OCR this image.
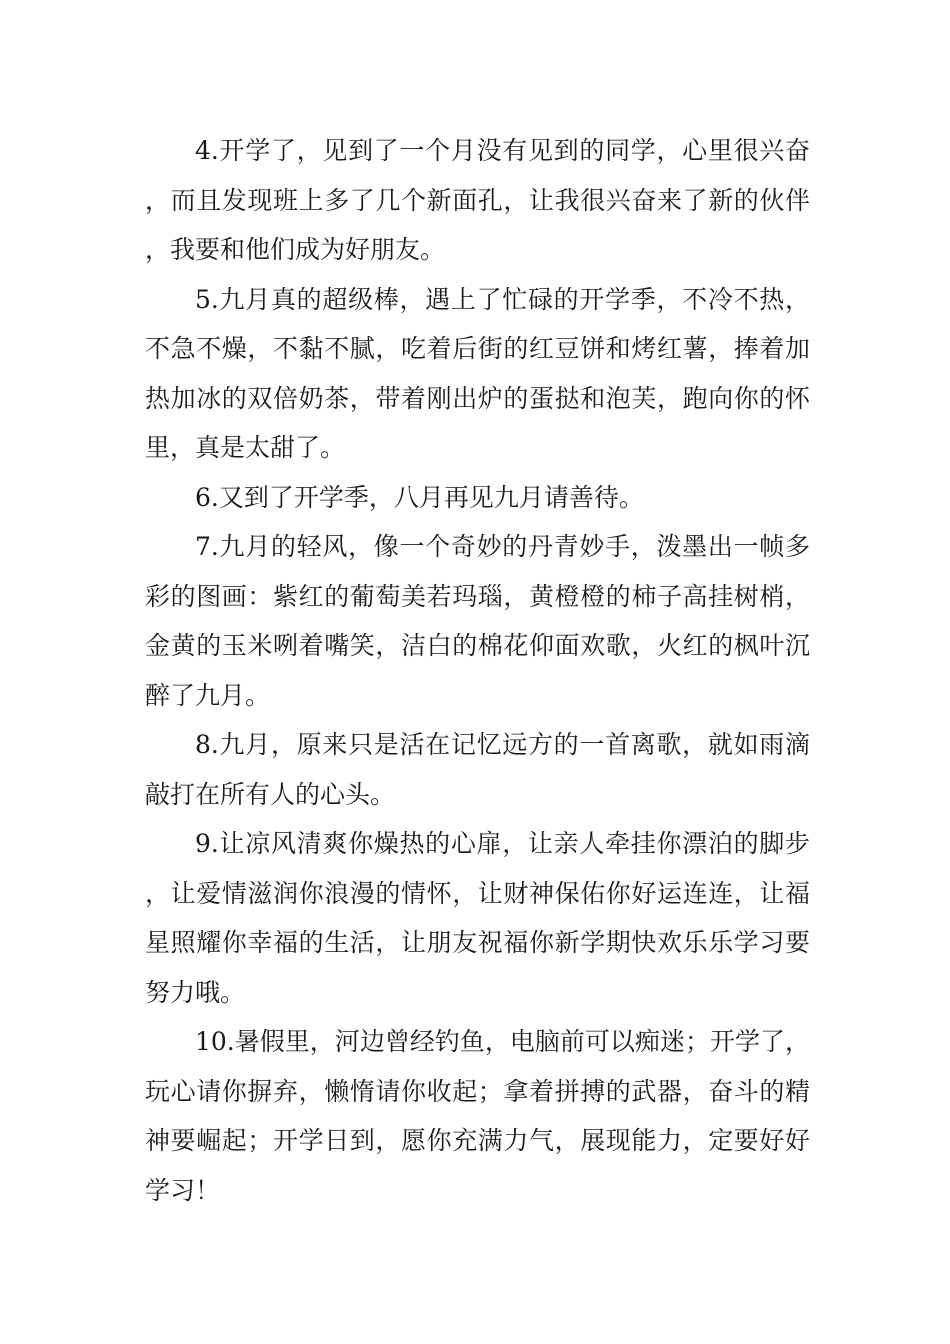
4.开学了，见到了一个月没有见到的同学，心里很兴奋，而且发现班上多了几个新面孔，让我很兴奋来了新的伙伴，我要和他们成为好朋友。

5.九月真的超级棒，遇上了忙碌的开学季，不冷不热，不急不燥，不黏不腻，吃着后街的红豆饼和烤红薯，捧着加热加冰的双倍奶茶，带着刚出炉的蛋挞和泡芙，跑向你的怀里，真是太甜了。

6.又到了开学季，八月再见九月请善待。

7.九月的轻风，像一个奇妙的丹青妙手，泼墨出一帧多彩的图画：紫红的葡萄美若玛瑙，黄橙橙的柿子高挂树梢，金黄的玉米咧着嘴笑，洁白的棉花仰面欢歌，火红的枫叶沉醉了九月。

8.九月，原来只是活在记忆远方的一首离歌，就如雨滴敲打在所有人的心头。

9.让凉风清爽你燥热的心扉，让亲人牵挂你漂泊的脚步，让爱情滋润你浪漫的情怀，让财神保佑你好运连连，让福星照耀你幸福的生活，让朋友祝福你新学期快欢乐乐学习要努力哦。

10.暑假里，河边曾经钓鱼，电脑前可以痴迷；开学了，玩心请你摒弃，懒惰请你收起；拿着拼搏的武器，奋斗的精神要崛起；开学日到，愿你充满力气，展现能力，定要好好学习！
